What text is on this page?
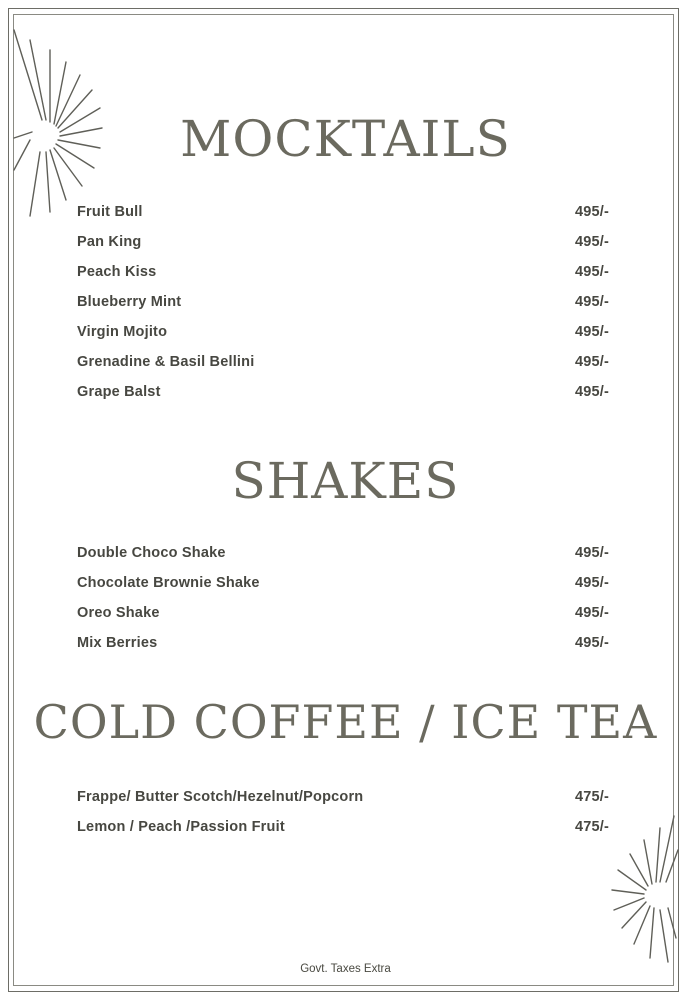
MOCKTAILS
Fruit Bull	495/-
Pan King	495/-
Peach Kiss	495/-
Blueberry Mint	495/-
Virgin Mojito	495/-
Grenadine & Basil Bellini	495/-
Grape Balst	495/-
SHAKES
Double Choco Shake	495/-
Chocolate Brownie Shake	495/-
Oreo Shake	495/-
Mix Berries	495/-
COLD COFFEE / ICE TEA
Frappe/ Butter Scotch/Hezelnut/Popcorn	475/-
Lemon / Peach /Passion Fruit	475/-
Govt. Taxes Extra
